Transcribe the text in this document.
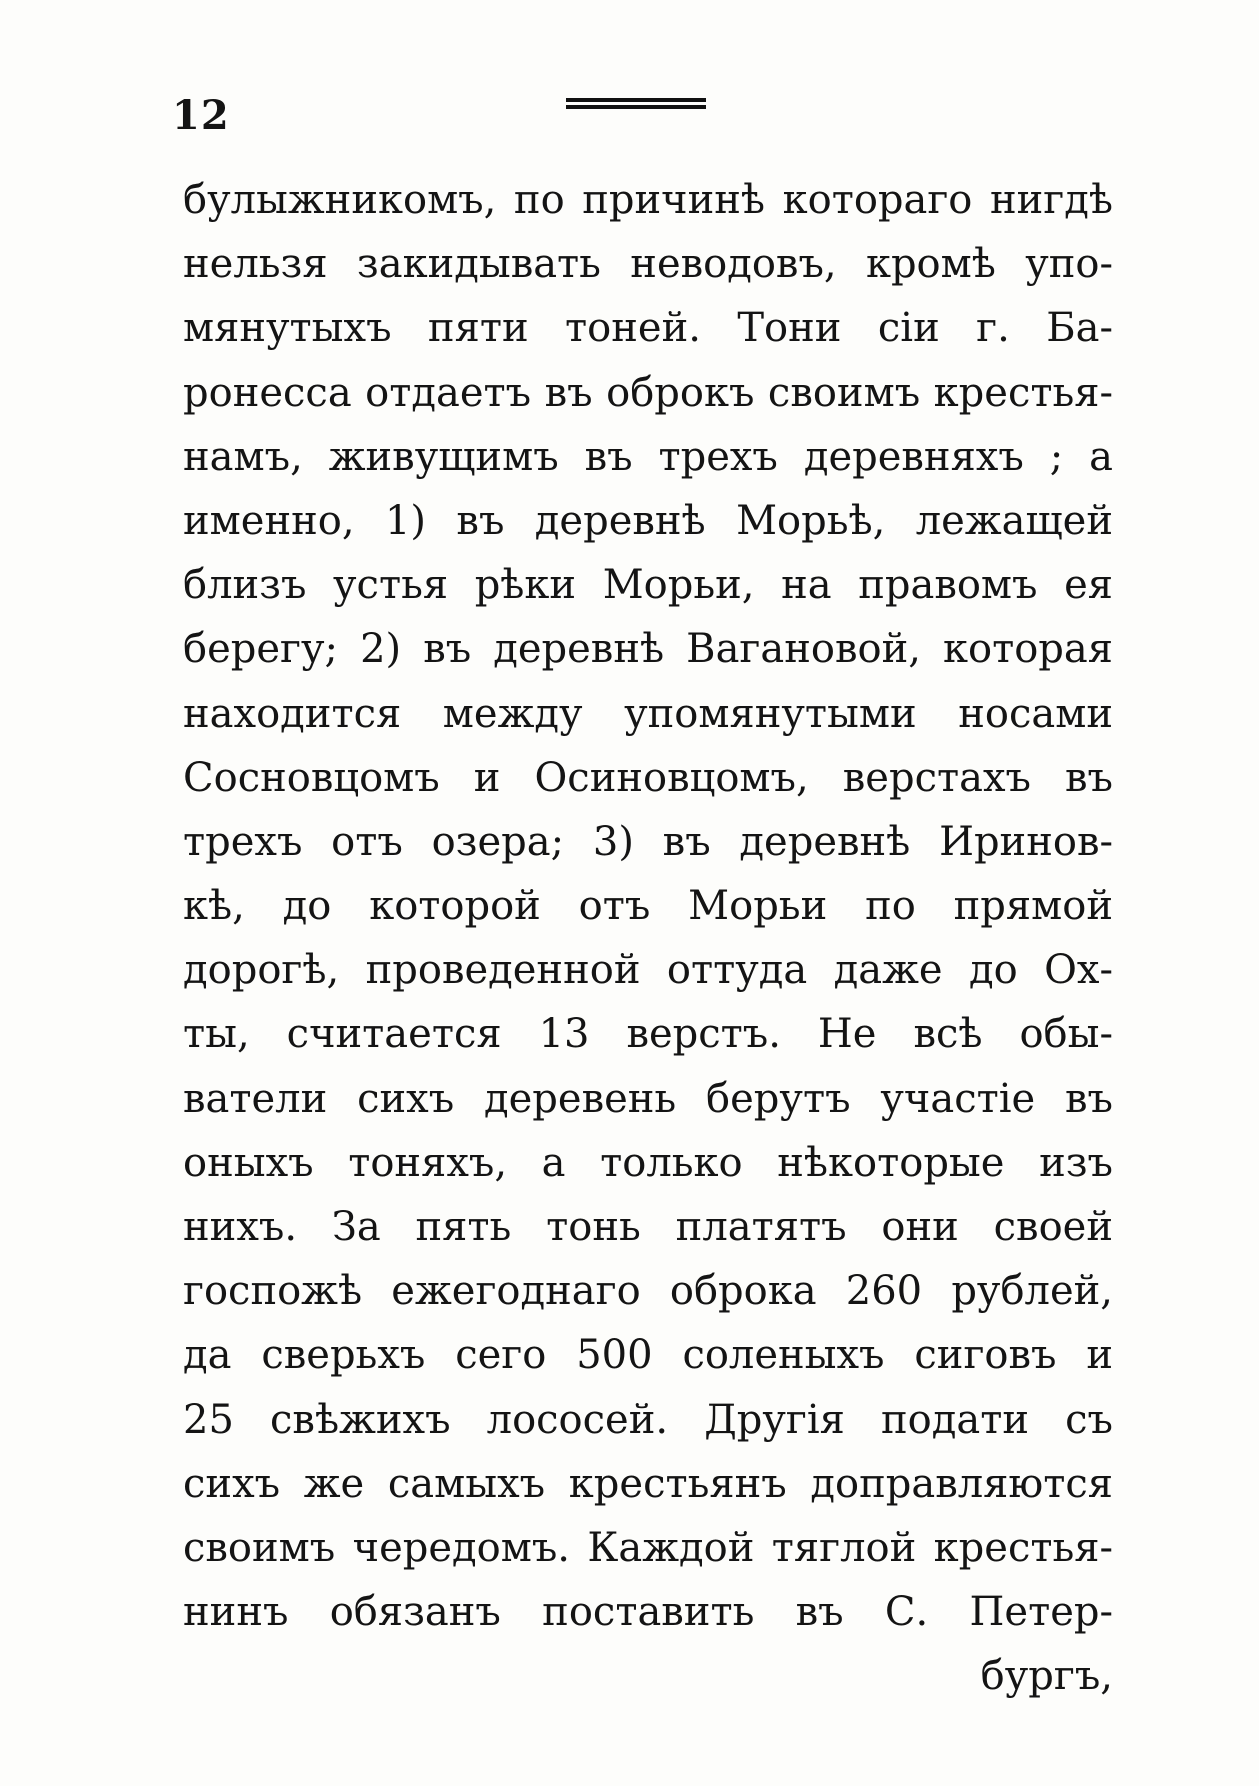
12
булыжникомъ, по причинѣ котораго нигдѣ
нельзя закидывать неводовъ, кромѣ упо-
мянутыхъ пяти тоней. Тони сіи г. Ба-
ронесса отдаетъ въ оброкъ своимъ крестья-
намъ, живущимъ въ трехъ деревняхъ ; а
именно, 1) въ деревнѣ Морьѣ, лежащей
близъ устья рѣки Морьи, на правомъ ея
берегу; 2) въ деревнѣ Вагановой, которая
находится между упомянутыми носами
Сосновцомъ и Осиновцомъ, верстахъ въ
трехъ отъ озера; 3) въ деревнѣ Иринов-
кѣ, до которой отъ Морьи по прямой
дорогѣ, проведенной оттуда даже до Ох-
ты, считается 13 верстъ. Не всѣ обы-
ватели сихъ деревень берутъ участіе въ
оныхъ тоняхъ, а только нѣкоторые изъ
нихъ. За пять тонь платятъ они своей
госпожѣ ежегоднаго оброка 260 рублей,
да сверьхъ сего 500 соленыхъ сиговъ и
25 свѣжихъ лососей. Другія подати съ
сихъ же самыхъ крестьянъ доправляются
своимъ чередомъ. Каждой тяглой крестья-
нинъ обязанъ поставить въ С. Петер-
бургъ,
